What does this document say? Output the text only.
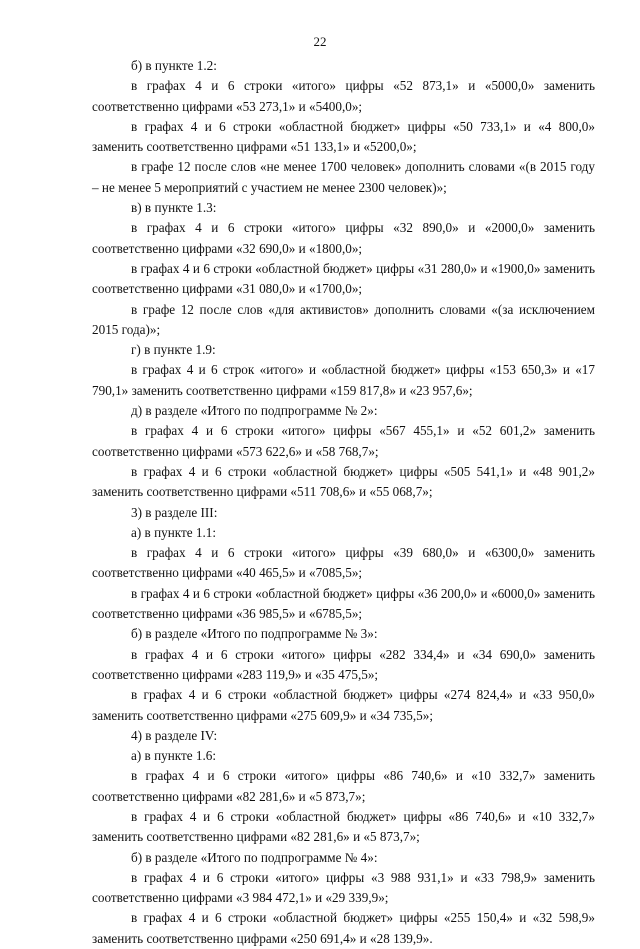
22

б) в пункте 1.2:

в графах 4 и 6 строки «итого» цифры «52 873,1» и «5000,0» заменить соответственно цифрами «53 273,1» и «5400,0»;

в графах 4 и 6 строки «областной бюджет» цифры «50 733,1» и «4 800,0» заменить соответственно цифрами «51 133,1» и «5200,0»;

в графе 12 после слов «не менее 1700 человек» дополнить словами «(в 2015 году – не менее 5 мероприятий с участием не менее 2300 человек)»;

в) в пункте 1.3:

в графах 4 и 6 строки «итого» цифры «32 890,0» и «2000,0» заменить соответственно цифрами «32 690,0» и «1800,0»;

в графах 4 и 6 строки «областной бюджет» цифры «31 280,0» и «1900,0» заменить соответственно цифрами «31 080,0» и «1700,0»;

в графе 12 после слов «для активистов» дополнить словами «(за исключением 2015 года)»;

г) в пункте 1.9:

в графах 4 и 6 строк «итого» и «областной бюджет» цифры «153 650,3» и «17 790,1» заменить соответственно цифрами «159 817,8» и «23 957,6»;

д) в разделе «Итого по подпрограмме № 2»:

в графах 4 и 6 строки «итого» цифры «567 455,1» и «52 601,2» заменить соответственно цифрами «573 622,6» и «58 768,7»;

в графах 4 и 6 строки «областной бюджет» цифры «505 541,1» и «48 901,2» заменить соответственно цифрами «511 708,6» и «55 068,7»;

3) в разделе III:

а) в пункте 1.1:

в графах 4 и 6 строки «итого» цифры «39 680,0» и «6300,0» заменить соответственно цифрами «40 465,5» и «7085,5»;

в графах 4 и 6 строки «областной бюджет» цифры «36 200,0» и «6000,0» заменить соответственно цифрами «36 985,5» и «6785,5»;

б) в разделе «Итого по подпрограмме № 3»:

в графах 4 и 6 строки «итого» цифры «282 334,4» и «34 690,0» заменить соответственно цифрами «283 119,9» и «35 475,5»;

в графах 4 и 6 строки «областной бюджет» цифры «274 824,4» и «33 950,0» заменить соответственно цифрами «275 609,9» и «34 735,5»;

4) в разделе IV:

а) в пункте 1.6:

в графах 4 и 6 строки «итого» цифры «86 740,6» и «10 332,7» заменить соответственно цифрами «82 281,6» и «5 873,7»;

в графах 4 и 6 строки «областной бюджет» цифры «86 740,6» и «10 332,7» заменить соответственно цифрами «82 281,6» и «5 873,7»;

б) в разделе «Итого по подпрограмме № 4»:

в графах 4 и 6 строки «итого» цифры «3 988 931,1» и «33 798,9» заменить соответственно цифрами «3 984 472,1» и «29 339,9»;

в графах 4 и 6 строки «областной бюджет» цифры «255 150,4» и «32 598,9» заменить соответственно цифрами «250 691,4» и «28 139,9».
